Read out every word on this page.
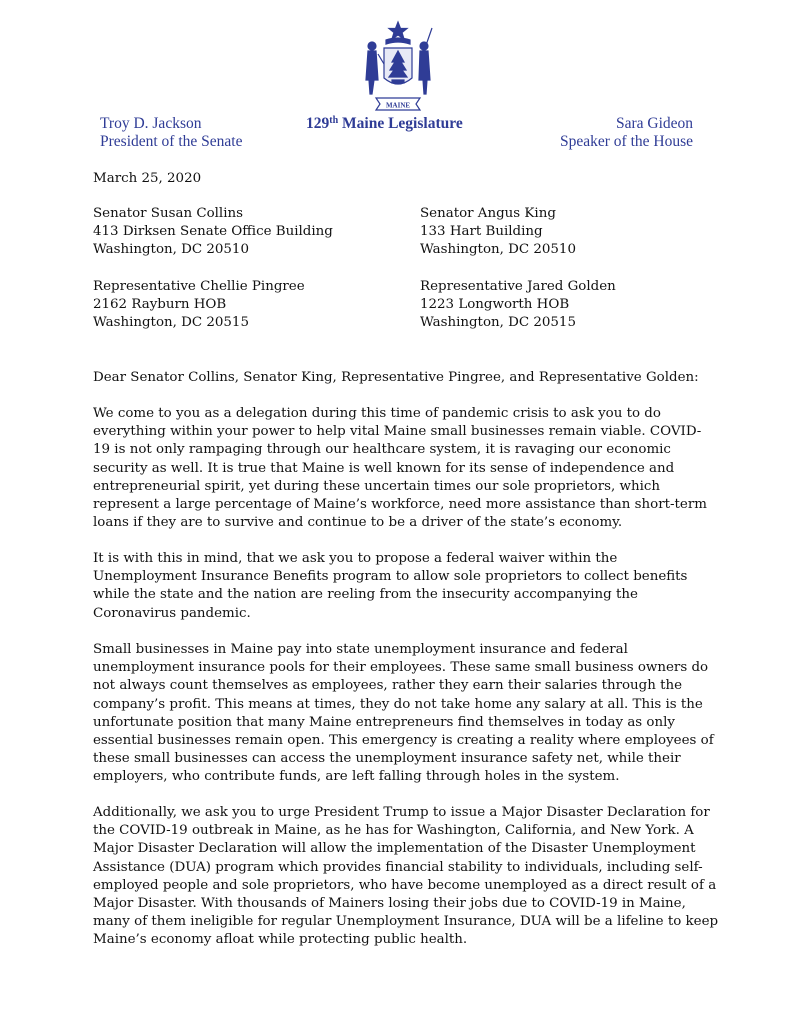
MAINE
Troy D. Jackson
President of the Senate
129th Maine Legislature	Sara Gideon
Speaker of the House
March 25, 2020
Senator Susan Collins
413 Dirksen Senate Office Building
Washington, DC 20510
Senator Angus King
133 Hart Building
Washington, DC 20510
Representative Chellie Pingree
2162 Rayburn HOB
Washington, DC 20515
Representative Jared Golden
1223 Longworth HOB
Washington, DC 20515
Dear Senator Collins, Senator King, Representative Pingree, and Representative Golden:
We come to you as a delegation during this time of pandemic crisis to ask you to do
everything within your power to help vital Maine small businesses remain viable. COVID-
19 is not only rampaging through our healthcare system, it is ravaging our economic
security as well. It is true that Maine is well known for its sense of independence and
entrepreneurial spirit, yet during these uncertain times our sole proprietors, which
represent a large percentage of Maine’s workforce, need more assistance than short-term
loans if they are to survive and continue to be a driver of the state’s economy.
It is with this in mind, that we ask you to propose a federal waiver within the
Unemployment Insurance Benefits program to allow sole proprietors to collect benefits
while the state and the nation are reeling from the insecurity accompanying the
Coronavirus pandemic.
Small businesses in Maine pay into state unemployment insurance and federal
unemployment insurance pools for their employees. These same small business owners do
not always count themselves as employees, rather they earn their salaries through the
company’s profit. This means at times, they do not take home any salary at all. This is the
unfortunate position that many Maine entrepreneurs find themselves in today as only
essential businesses remain open. This emergency is creating a reality where employees of
these small businesses can access the unemployment insurance safety net, while their
employers, who contribute funds, are left falling through holes in the system.
Additionally, we ask you to urge President Trump to issue a Major Disaster Declaration for
the COVID-19 outbreak in Maine, as he has for Washington, California, and New York. A
Major Disaster Declaration will allow the implementation of the Disaster Unemployment
Assistance (DUA) program which provides financial stability to individuals, including self-
employed people and sole proprietors, who have become unemployed as a direct result of a
Major Disaster. With thousands of Mainers losing their jobs due to COVID-19 in Maine,
many of them ineligible for regular Unemployment Insurance, DUA will be a lifeline to keep
Maine’s economy afloat while protecting public health.
